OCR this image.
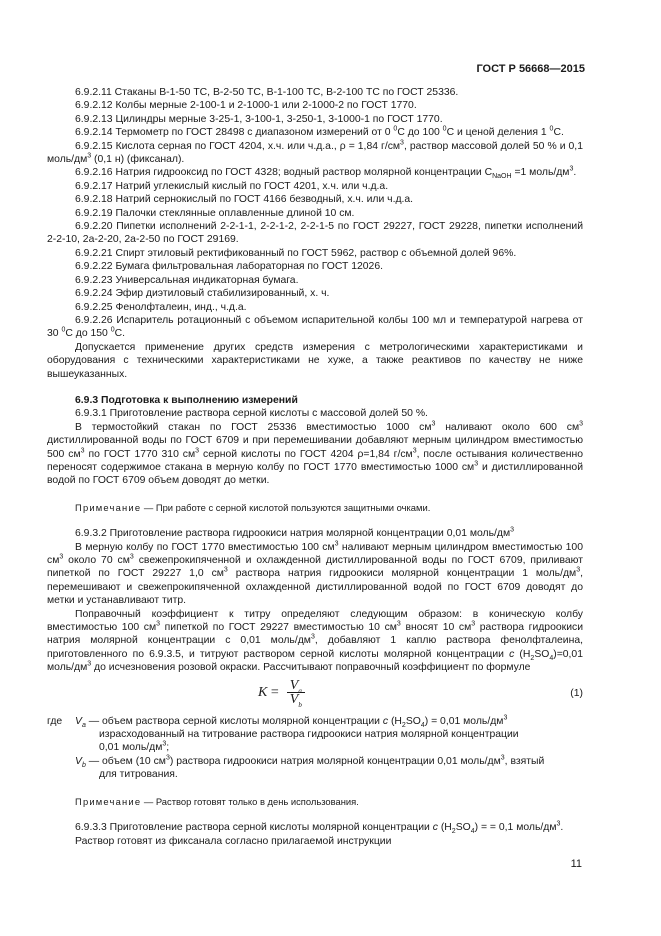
ГОСТ Р 56668—2015

6.9.2.11 Стаканы В-1-50 ТС, В-2-50 ТС, В-1-100 ТС, В-2-100 ТС по ГОСТ 25336.

6.9.2.12 Колбы мерные 2-100-1 и 2-1000-1 или 2-1000-2 по ГОСТ 1770.

6.9.2.13 Цилиндры мерные 3-25-1, 3-100-1, 3-250-1, 3-1000-1 по ГОСТ 1770.

6.9.2.14 Термометр по ГОСТ 28498 с диапазоном измерений от 0 $^0$С до 100 $^0$С и ценой деления 1 $^0$С.

6.9.2.15 Кислота серная по ГОСТ 4204, х.ч. или ч.д.а., ρ = 1,84 $г/см^3$, раствор массовой долей 50 % и 0,1 моль/$дм^3$ (0,1 н) (фиксанал).

6.9.2.16 Натрия гидрооксид по ГОСТ 4328; водный раствор молярной концентрации $С_{NaOH} =1$ моль/$дм^3$.

6.9.2.17 Натрий углекислый кислый по ГОСТ 4201, х.ч. или ч.д.а.

6.9.2.18 Натрий сернокислый по ГОСТ 4166 безводный, х.ч. или ч.д.а.

6.9.2.19 Палочки стеклянные оплавленные длиной 10 см.

6.9.2.20 Пипетки исполнений 2-2-1-1, 2-2-1-2, 2-2-1-5 по ГОСТ 29227, ГОСТ 29228, пипетки исполнений 2-2-10, 2а-2-20, 2а-2-50 по ГОСТ 29169.

6.9.2.21 Спирт этиловый ректификованный по ГОСТ 5962, раствор с объемной долей 96%.

6.9.2.22 Бумага фильтровальная лабораторная по ГОСТ 12026.

6.9.2.23 Универсальная индикаторная бумага.

6.9.2.24 Эфир диэтиловый стабилизированный, х. ч.

6.9.2.25 Фенолфталеин, инд., ч.д.а.

6.9.2.26 Испаритель ротационный с объемом испарительной колбы 100 мл и температурой нагрева от 30 $^0$С до 150 $^0$С.

Допускается применение других средств измерения с метрологическими характеристиками и оборудования с техническими характеристиками не хуже, а также реактивов по качеству не ниже вышеуказанных.

6.9.3 Подготовка к выполнению измерений

6.9.3.1 Приготовление раствора серной кислоты с массовой долей 50 %.

В термостойкий стакан по ГОСТ 25336 вместимостью 1000 $см^3$ наливают около 600 $см^3$ дистиллированной воды по ГОСТ 6709 и при перемешивании добавляют мерным цилиндром вместимостью 500 $см^3$ по ГОСТ 1770 310 $см^3$ серной кислоты по ГОСТ 4204 ρ=1,84 $г/см^3$, после остывания количественно переносят содержимое стакана в мерную колбу по ГОСТ 1770 вместимостью 1000 $см^3$ и дистиллированной водой по ГОСТ 6709 объем доводят до метки.

Примечание — При работе с серной кислотой пользуются защитными очками.

6.9.3.2 Приготовление раствора гидроокиси натрия молярной концентрации 0,01 моль/$дм^3$

В мерную колбу по ГОСТ 1770 вместимостью 100 $см^3$ наливают мерным цилиндром вместимостью 100 $см^3$ около 70 $см^3$ свежепрокипяченной и охлажденной дистиллированной воды по ГОСТ 6709, приливают пипеткой по ГОСТ 29227 1,0 $см^3$ раствора натрия гидроокиси молярной концентрации 1 моль/$дм^3$, перемешивают и свежепрокипяченной охлажденной дистиллированной водой по ГОСТ 6709 доводят до метки и устанавливают титр.

Поправочный коэффициент к титру определяют следующим образом: в коническую колбу вместимостью 100 $см^3$ пипеткой по ГОСТ 29227 вместимостью 10 $см^3$ вносят 10 $см^3$ раствора гидроокиси натрия молярной концентрации с 0,01 моль/$дм^3$, добавляют 1 каплю раствора фенолфталеина, приготовленного по 6.9.3.5, и титруют раствором серной кислоты молярной концентрации с $(H_2SO_4)=0,01$ моль/$дм^3$ до исчезновения розовой окраски. Рассчитывают поправочный коэффициент по формуле

K
= $\frac{V_a}{V_b}$	(1)
где	$V_a$ — объем раствора серной кислоты молярной концентрации c $(H_2SO_4) = 0,01$ моль/$дм^3$
израсходованный на титрование раствора гидроокиси натрия молярной концентрации
0,01 моль/$дм^3$;
$V_b$ — объем (10 $см^3$) раствора гидроокиси натрия молярной концентрации 0,01 моль/$дм^3$, взятый
для титрования.

Примечание — Раствор готовят только в день использования.

6.9.3.3 Приготовление раствора серной кислоты молярной концентрации с $(H_2SO_4)$ = = 0,1 моль/$дм^3$.

Раствор готовят из фиксанала согласно прилагаемой инструкции

11
